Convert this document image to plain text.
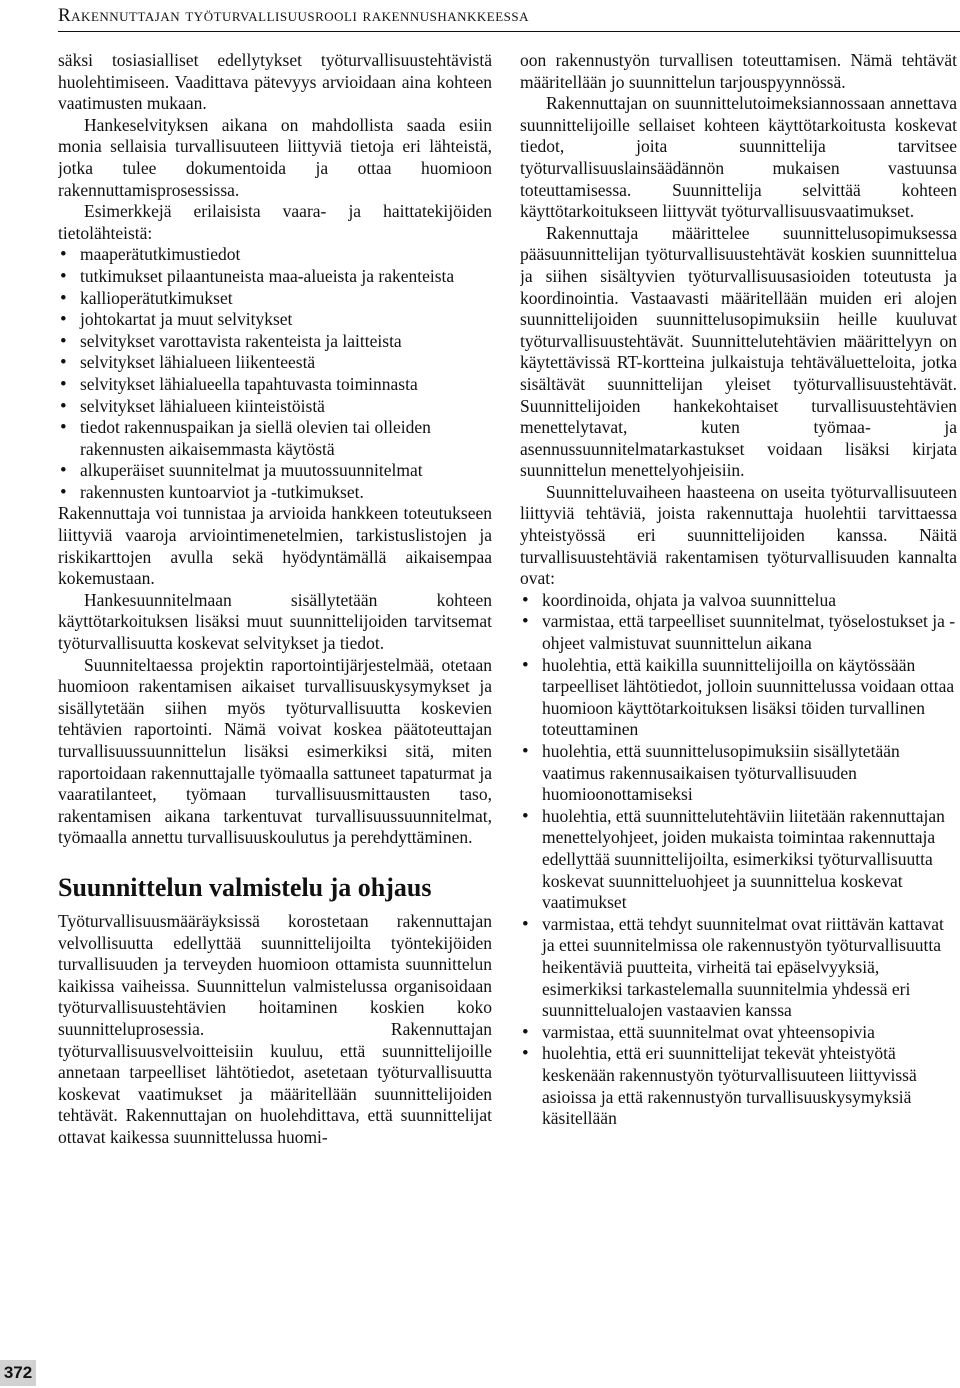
Rakennuttajan työturvallisuusrooli rakennushankkeessa

säksi tosiasialliset edellytykset työturvallisuustehtävistä huolehtimiseen. Vaadittava pätevyys arvioidaan aina kohteen vaatimusten mukaan.

Hankeselvityksen aikana on mahdollista saada esiin monia sellaisia turvallisuuteen liittyviä tietoja eri lähteistä, jotka tulee dokumentoida ja ottaa huomioon rakennuttamisprosessissa.

Esimerkkejä erilaisista vaara- ja haittatekijöiden tietolähteistä:

• maaperätutkimustiedot
• tutkimukset pilaantuneista maa-alueista ja rakenteista
• kallioperätutkimukset
• johtokartat ja muut selvitykset
• selvitykset varottavista rakenteista ja laitteista
• selvitykset lähialueen liikenteestä
• selvitykset lähialueella tapahtuvasta toiminnasta
• selvitykset lähialueen kiinteistöistä
• tiedot rakennuspaikan ja siellä olevien tai olleiden rakennusten aikaisemmasta käytöstä
• alkuperäiset suunnitelmat ja muutossuunnitelmat
• rakennusten kuntoarviot ja -tutkimukset.

Rakennuttaja voi tunnistaa ja arvioida hankkeen toteutukseen liittyviä vaaroja arviointimenetelmien, tarkistuslistojen ja riskikarttojen avulla sekä hyödyntämällä aikaisempaa kokemustaan.

Hankesuunnitelmaan sisällytetään kohteen käyttötarkoituksen lisäksi muut suunnittelijoiden tarvitsemat työturvallisuutta koskevat selvitykset ja tiedot.

Suunniteltaessa projektin raportointijärjestelmää, otetaan huomioon rakentamisen aikaiset turvallisuuskysymykset ja sisällytetään siihen myös työturvallisuutta koskevien tehtävien raportointi. Nämä voivat koskea päätoteuttajan turvallisuussuunnittelun lisäksi esimerkiksi sitä, miten raportoidaan rakennuttajalle työmaalla sattuneet tapaturmat ja vaaratilanteet, työmaan turvallisuusmittausten taso, rakentamisen aikana tarkentuvat turvallisuussuunnitelmat, työmaalla annettu turvallisuuskoulutus ja perehdyttäminen.

Suunnittelun valmistelu ja ohjaus

Työturvallisuusmääräyksissä korostetaan rakennuttajan velvollisuutta edellyttää suunnittelijoilta työntekijöiden turvallisuuden ja terveyden huomioon ottamista suunnittelun kaikissa vaiheissa. Suunnittelun valmistelussa organisoidaan työturvallisuustehtävien hoitaminen koskien koko suunnitteluprosessia. Rakennuttajan työturvallisuusvelvoitteisiin kuuluu, että suunnittelijoille annetaan tarpeelliset lähtötiedot, asetetaan työturvallisuutta koskevat vaatimukset ja määritellään suunnittelijoiden tehtävät. Rakennuttajan on huolehdittava, että suunnittelijat ottavat kaikessa suunnittelussa huomi-

oon rakennustyön turvallisen toteuttamisen. Nämä tehtävät määritellään jo suunnittelun tarjouspyynnössä.

Rakennuttajan on suunnittelutoimeksiannossaan annettava suunnittelijoille sellaiset kohteen käyttötarkoitusta koskevat tiedot, joita suunnittelija tarvitsee työturvallisuuslainsäädännön mukaisen vastuunsa toteuttamisessa. Suunnittelija selvittää kohteen käyttötarkoitukseen liittyvät työturvallisuusvaatimukset.

Rakennuttaja määrittelee suunnittelusopimuksessa pääsuunnittelijan työturvallisuustehtävät koskien suunnittelua ja siihen sisältyvien työturvallisuusasioiden toteutusta ja koordinointia. Vastaavasti määritellään muiden eri alojen suunnittelijoiden suunnittelusopimuksiin heille kuuluvat työturvallisuustehtävät. Suunnittelutehtävien määrittelyyn on käytettävissä RT-kortteina julkaistuja tehtäväluetteloita, jotka sisältävät suunnittelijan yleiset työturvallisuustehtävät. Suunnittelijoiden hankekohtaiset turvallisuustehtävien menettelytavat, kuten työmaa- ja asennussuunnitelmatarkastukset voidaan lisäksi kirjata suunnittelun menettelyohjeisiin.

Suunnitteluvaiheen haasteena on useita työturvallisuuteen liittyviä tehtäviä, joista rakennuttaja huolehtii tarvittaessa yhteistyössä eri suunnittelijoiden kanssa. Näitä turvallisuustehtäviä rakentamisen työturvallisuuden kannalta ovat:

• koordinoida, ohjata ja valvoa suunnittelua
• varmistaa, että tarpeelliset suunnitelmat, työselostukset ja -ohjeet valmistuvat suunnittelun aikana
• huolehtia, että kaikilla suunnittelijoilla on käytössään tarpeelliset lähtötiedot, jolloin suunnittelussa voidaan ottaa huomioon käyttötarkoituksen lisäksi töiden turvallinen toteuttaminen
• huolehtia, että suunnittelusopimuksiin sisällytetään vaatimus rakennusaikaisen työturvallisuuden huomioonottamiseksi
• huolehtia, että suunnittelutehtäviin liitetään rakennuttajan menettelyohjeet, joiden mukaista toimintaa rakennuttaja edellyttää suunnittelijoilta, esimerkiksi työturvallisuutta koskevat suunnitteluohjeet ja suunnittelua koskevat vaatimukset
• varmistaa, että tehdyt suunnitelmat ovat riittävän kattavat ja ettei suunnitelmissa ole rakennustyön työturvallisuutta heikentäviä puutteita, virheitä tai epäselvyyksiä, esimerkiksi tarkastelemalla suunnitelmia yhdessä eri suunnittelualojen vastaavien kanssa
• varmistaa, että suunnitelmat ovat yhteensopivia
• huolehtia, että eri suunnittelijat tekevät yhteistyötä keskenään rakennustyön työturvallisuuteen liittyvissä asioissa ja että rakennustyön turvallisuuskysymyksiä käsitellään
372
